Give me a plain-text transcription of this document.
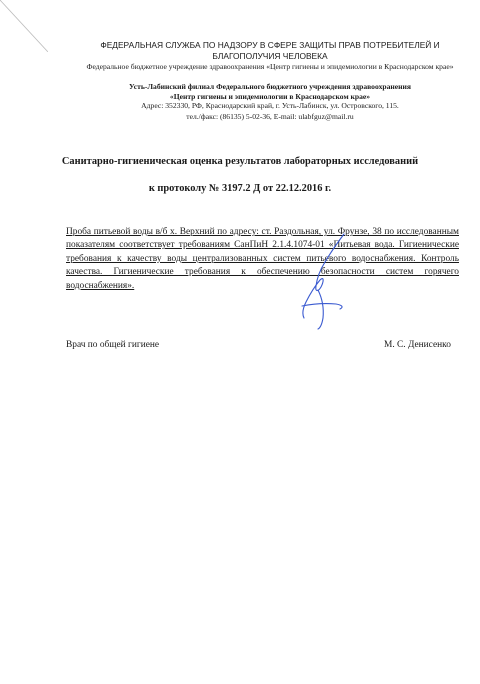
ФЕДЕРАЛЬНАЯ СЛУЖБА ПО НАДЗОРУ В СФЕРЕ ЗАЩИТЫ ПРАВ ПОТРЕБИТЕЛЕЙ И БЛАГОПОЛУЧИЯ ЧЕЛОВЕКА
Федеральное бюджетное учреждение здравоохранения «Центр гигиены и эпидемиологии в Краснодарском крае»
Усть-Лабинский филиал Федерального бюджетного учреждения здравоохранения
«Центр гигиены и эпидемиологии в Краснодарском крае»
Адрес: 352330, РФ, Краснодарский край, г. Усть-Лабинск, ул. Островского, 115.
тел./факс: (86135) 5-02-36, E-mail: ulabfguz@mail.ru
Санитарно-гигиеническая оценка результатов лабораторных исследований
к протоколу № 3197.2 Д от 22.12.2016 г.
Проба питьевой воды в/б х. Верхний по адресу: ст. Раздольная, ул. Фрунзе, 38 по исследованным показателям соответствует требованиям СанПиН 2.1.4.1074-01 «Питьевая вода. Гигиенические требования к качеству воды централизованных систем питьевого водоснабжения. Контроль качества. Гигиенические требования к обеспечению безопасности систем горячего водоснабжения».
Врач по общей гигиене	М. С. Денисенко
